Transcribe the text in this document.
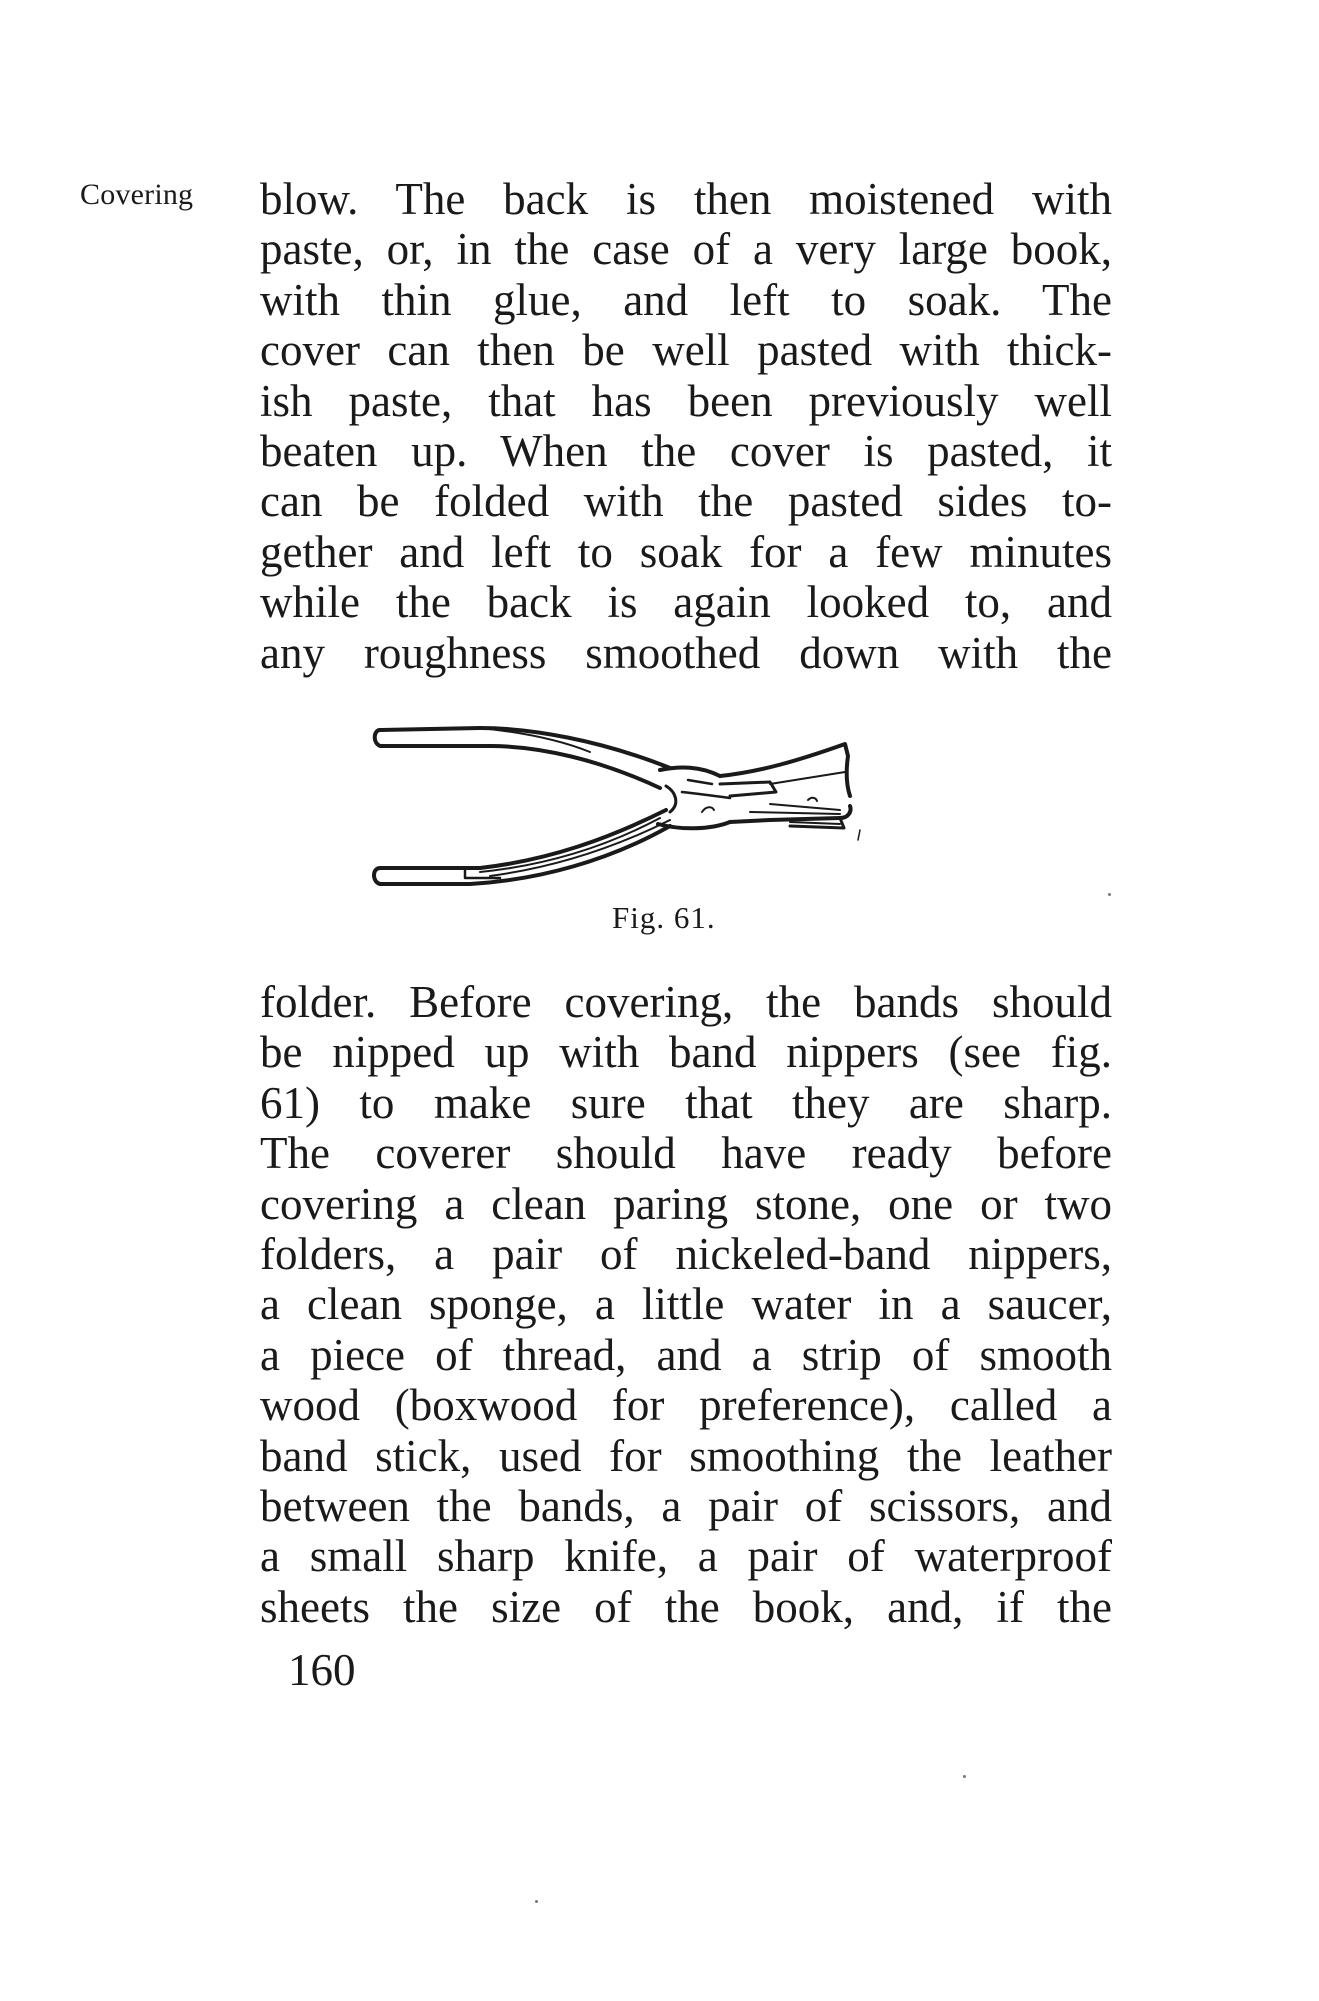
Covering blow. The back is then moistened with
paste, or, in the case of a very large book,
with thin glue, and left to soak. The
cover can then be well pasted with thick-
ish paste, that has been previously well
beaten up. When the cover is pasted, it
can be folded with the pasted sides to-
gether and left to soak for a few minutes
while the back is again looked to, and
any roughness smoothed down with the
Fig. 61.
folder. Before covering, the bands should
be nipped up with band nippers (see fig.
61) to make sure that they are sharp.
The coverer should have ready before
covering a clean paring stone, one or two
folders, a pair of nickeled-band nippers,
a clean sponge, a little water in a saucer,
a piece of thread, and a strip of smooth
wood (boxwood for preference), called a
band stick, used for smoothing the leather
between the bands, a pair of scissors, and
a small sharp knife, a pair of waterproof
sheets the size of the book, and, if the
160
